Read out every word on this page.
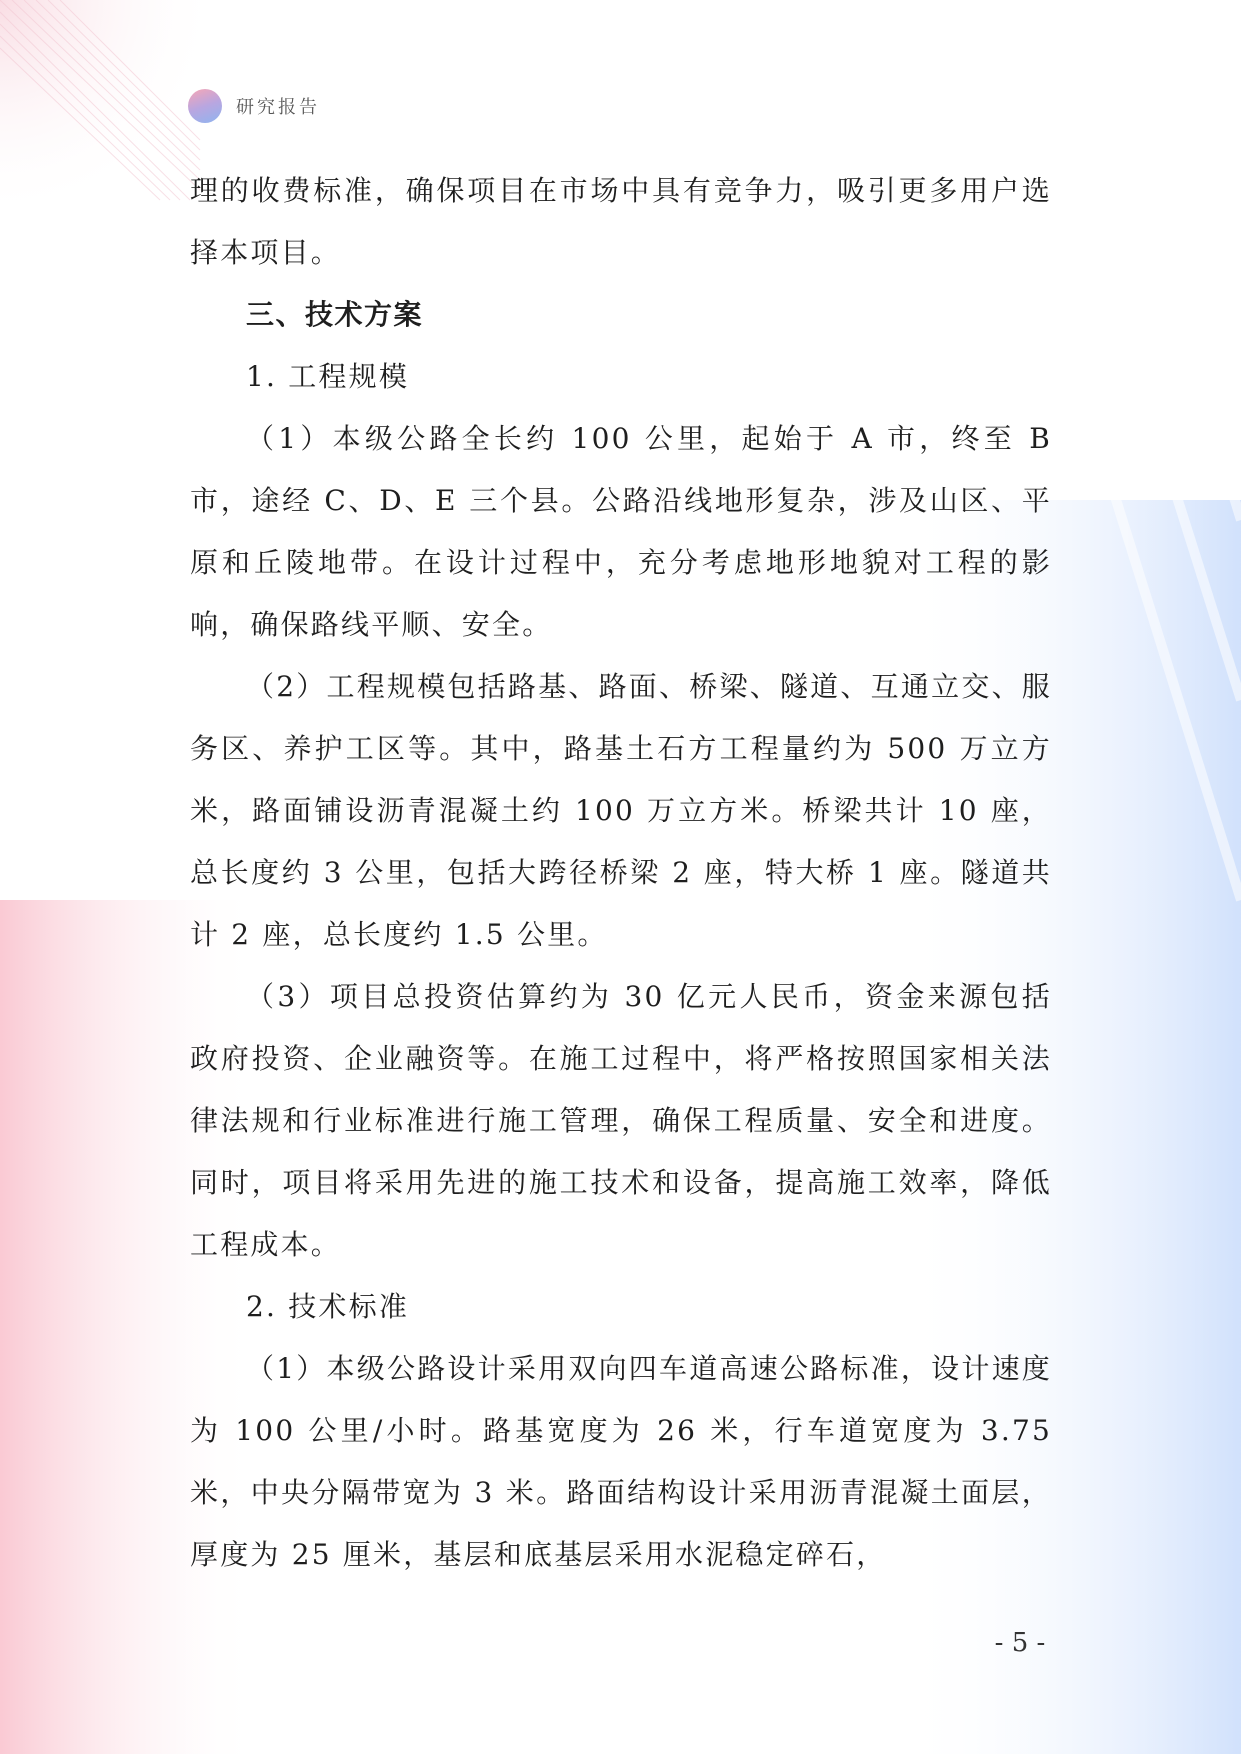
研究报告

理的收费标准，确保项目在市场中具有竞争力，吸引更多用户选择本项目。

三、技术方案
1. 工程规模

（1）本级公路全长约 100 公里，起始于 A 市，终至 B 市，途经 C、D、E 三个县。公路沿线地形复杂，涉及山区、平原和丘陵地带。在设计过程中，充分考虑地形地貌对工程的影响，确保路线平顺、安全。

（2）工程规模包括路基、路面、桥梁、隧道、互通立交、服务区、养护工区等。其中，路基土石方工程量约为 500 万立方米，路面铺设沥青混凝土约 100 万立方米。桥梁共计 10 座，总长度约 3 公里，包括大跨径桥梁 2 座，特大桥 1 座。隧道共计 2 座，总长度约 1.5 公里。

（3）项目总投资估算约为 30 亿元人民币，资金来源包括政府投资、企业融资等。在施工过程中，将严格按照国家相关法律法规和行业标准进行施工管理，确保工程质量、安全和进度。同时，项目将采用先进的施工技术和设备，提高施工效率，降低工程成本。

2. 技术标准

（1）本级公路设计采用双向四车道高速公路标准，设计速度为 100 公里/小时。路基宽度为 26 米，行车道宽度为 3.75 米，中央分隔带宽为 3 米。路面结构设计采用沥青混凝土面层，厚度为 25 厘米，基层和底基层采用水泥稳定碎石，

- 5 -
